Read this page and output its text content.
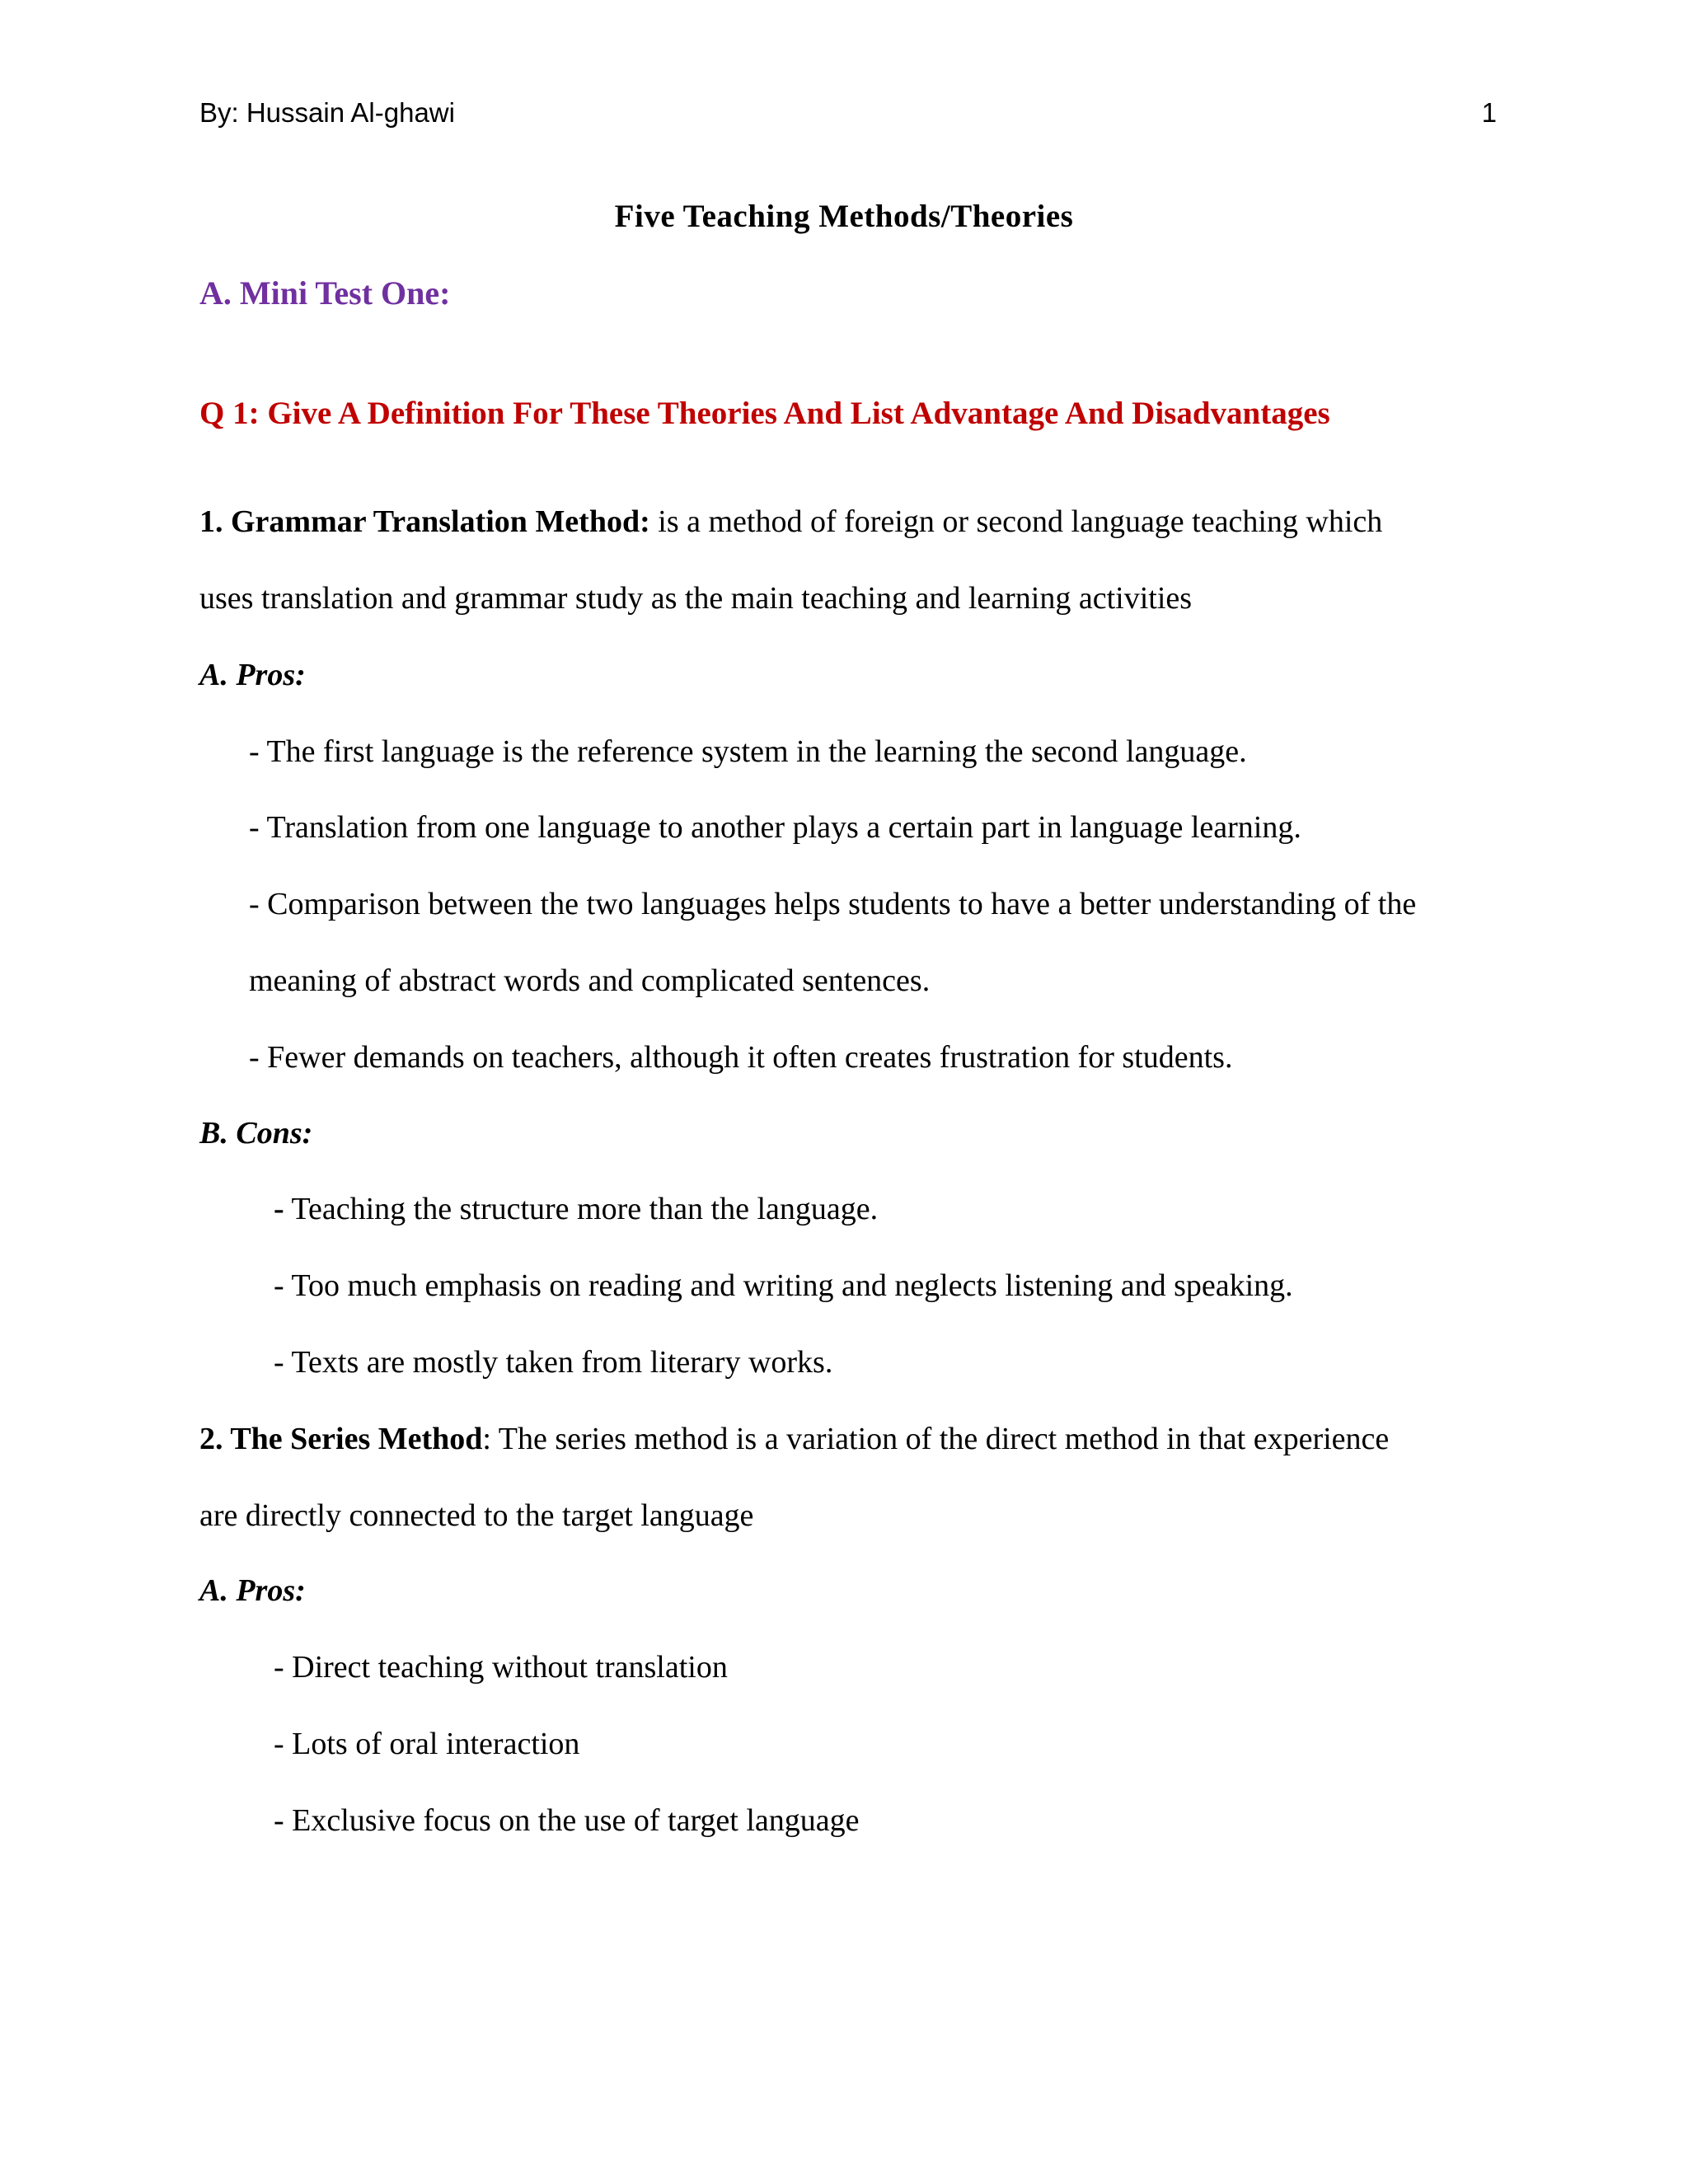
By: Hussain Al-ghawi	1
Five Teaching Methods/Theories
A. Mini Test One:
Q 1: Give A Definition For These Theories And List Advantage And Disadvantages
1. Grammar Translation Method: is a method of foreign or second language teaching which
uses translation and grammar study as the main teaching and learning activities
A. Pros:
- The first language is the reference system in the learning the second language.
- Translation from one language to another plays a certain part in language learning.
- Comparison between the two languages helps students to have a better understanding of the
meaning of abstract words and complicated sentences.
- Fewer demands on teachers, although it often creates frustration for students.
B. Cons:
- Teaching the structure more than the language.
- Too much emphasis on reading and writing and neglects listening and speaking.
- Texts are mostly taken from literary works.
2. The Series Method: The series method is a variation of the direct method in that experience
are directly connected to the target language
A. Pros:
- Direct teaching without translation
- Lots of oral interaction
- Exclusive focus on the use of target language
